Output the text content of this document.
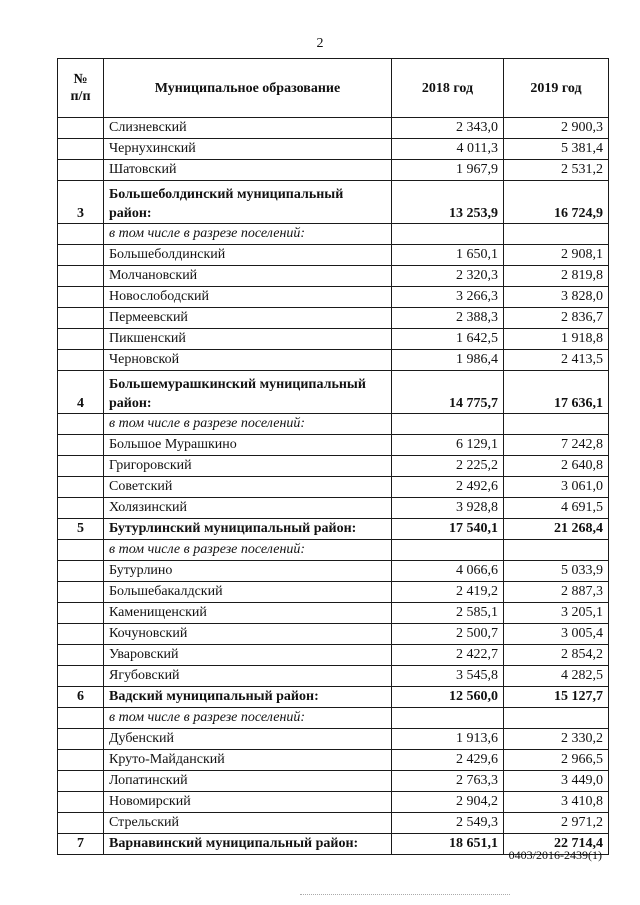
2
№
п/п	Муниципальное образование	2018 год	2019 год
	Слизневский	2 343,0	2 900,3
	Чернухинский	4 011,3	5 381,4
	Шатовский	1 967,9	2 531,2
3	Большеболдинский муниципальный район:	13 253,9	16 724,9
	в том числе в разрезе поселений:		
	Большеболдинский	1 650,1	2 908,1
	Молчановский	2 320,3	2 819,8
	Новослободский	3 266,3	3 828,0
	Пермеевский	2 388,3	2 836,7
	Пикшенский	1 642,5	1 918,8
	Черновской	1 986,4	2 413,5
4	Большемурашкинский муниципальный район:	14 775,7	17 636,1
	в том числе в разрезе поселений:		
	Большое Мурашкино	6 129,1	7 242,8
	Григоровский	2 225,2	2 640,8
	Советский	2 492,6	3 061,0
	Холязинский	3 928,8	4 691,5
5	Бутурлинский муниципальный район:	17 540,1	21 268,4
	в том числе в разрезе поселений:		
	Бутурлино	4 066,6	5 033,9
	Большебакалдский	2 419,2	2 887,3
	Каменищенский	2 585,1	3 205,1
	Кочуновский	2 500,7	3 005,4
	Уваровский	2 422,7	2 854,2
	Ягубовский	3 545,8	4 282,5
6	Вадский муниципальный район:	12 560,0	15 127,7
	в том числе в разрезе поселений:		
	Дубенский	1 913,6	2 330,2
	Круто-Майданский	2 429,6	2 966,5
	Лопатинский	2 763,3	3 449,0
	Новомирский	2 904,2	3 410,8
	Стрельский	2 549,3	2 971,2
7	Варнавинский муниципальный район:	18 651,1	22 714,4
0403/2016-2439(1)
